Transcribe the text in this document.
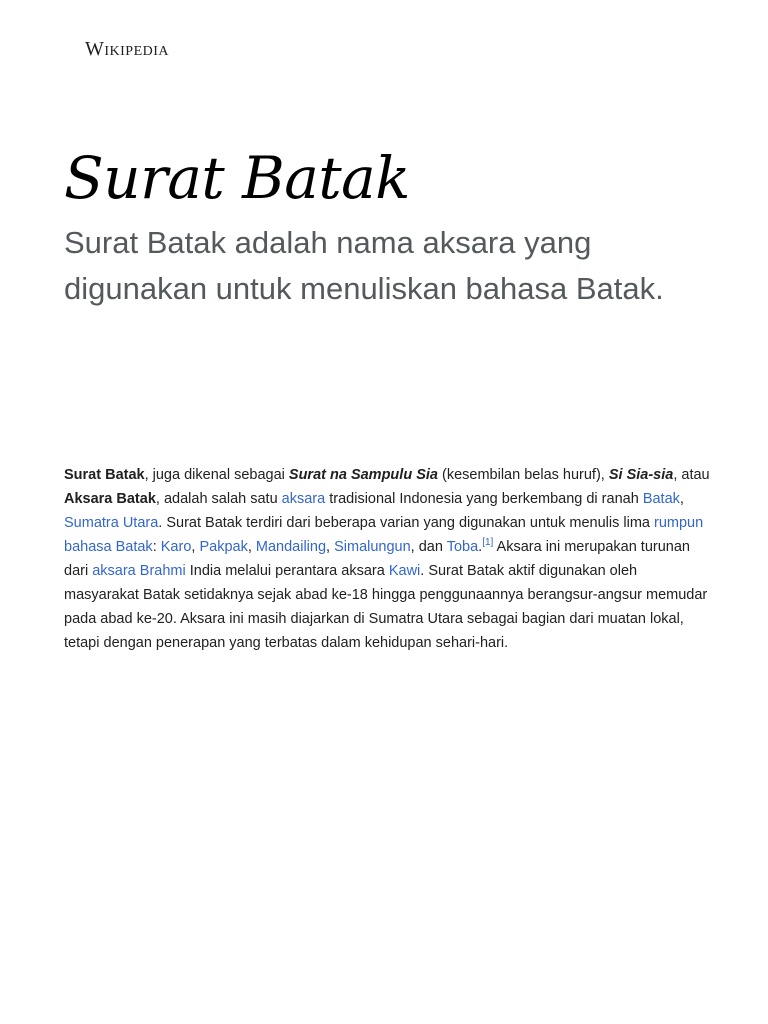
Wikipedia
Surat Batak

Surat Batak adalah nama aksara yang digunakan untuk menuliskan bahasa Batak.

Surat Batak, juga dikenal sebagai Surat na Sampulu Sia (kesembilan belas huruf), Si Sia-sia, atau Aksara Batak, adalah salah satu aksara tradisional Indonesia yang berkembang di ranah Batak, Sumatra Utara. Surat Batak terdiri dari beberapa varian yang digunakan untuk menulis lima rumpun bahasa Batak: Karo, Pakpak, Mandailing, Simalungun, dan Toba.[1] Aksara ini merupakan turunan dari aksara Brahmi India melalui perantara aksara Kawi. Surat Batak aktif digunakan oleh masyarakat Batak setidaknya sejak abad ke-18 hingga penggunaannya berangsur-angsur memudar pada abad ke-20. Aksara ini masih diajarkan di Sumatra Utara sebagai bagian dari muatan lokal, tetapi dengan penerapan yang terbatas dalam kehidupan sehari-hari.
